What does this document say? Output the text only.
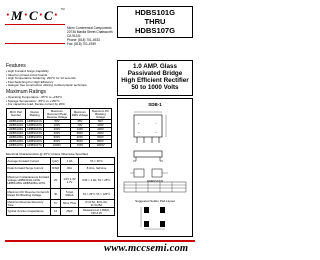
· M · C · C · TM
Micro Commercial Components
20736 Marilla Street Chatsworth
CA 91311
Phone: (818) 701-4933
Fax: (818) 701-4939
HDBS101G
THRU
HDBS107G
1.0 AMP. Glass
Passivated Bridge
High Efficient Rectifier
50 to 1000 Volts
Features
• High Forward Surge Capability
• Ideal for printed circuit boards
• High Temperature Soldering: 260°C for 10 seconds
• Fast Switching For High Efficiency
• Halogen free construction utilizing molded plastic technique
Maximum Ratings
• Operating Temperature: -55°C to +150°C
• Storage Temperature: -55°C to +150°C
• For capacitive load, Derate current by 20%
MCC Part Number	Device Marking	Maximum Recurrent Peak Reverse Voltage	Maximum RMS Voltage	Maximum DC Blocking Voltage
HDBS101G	HDBS101G	50V	35V	50V
HDBS102G	HDBS102G	100V	70V	100V
HDBS103G	HDBS103G	200V	140V	200V
HDBS104G	HDBS104G	400V	280V	400V
HDBS105G	HDBS105G	600V	420V	600V
HDBS106G	HDBS106G	800V	560V	800V
HDBS107G	HDBS107G	1000V	700V	1000V
Electrical Characteristics @ 25°C Unless Otherwise Specified
Average Forward Current	I(AV)	1.0A	TA = 40°C
Peak Forward Surge Current	IFSM	30A	8.3ms, half sine
Maximum Instantaneous Forward Voltage HDBS101G-104G HDBS105G HDBS106G-107G	VF	1.0V 1.3V 1.7V	IFM = 1.0A; TA = 25°C
Maximum DC Reverse Current At Rated DC Blocking Voltage	IR	5.0μA 500μA	TA = 25°C TA = 125°C
Maximum Reverse Recovery Time	Trr	50ns 75ns	IF=0.5A, IR=1.0A, Irr=0.25A
Typical Junction Capacitance	CJ	25pF	Measured at 1.0MHz, VR=4.0V
SDB-1
+	−
~	~
DIMENSIONS
Suggested Solder Pad Layout
www.mccsemi.com
